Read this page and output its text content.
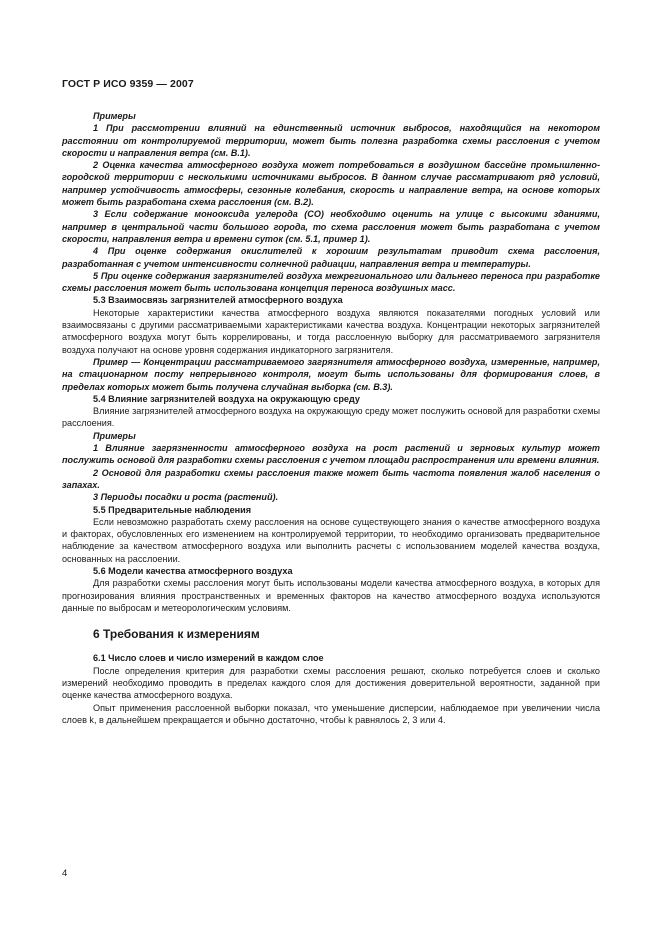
ГОСТ Р ИСО 9359 — 2007

Примеры

1 При рассмотрении влияний на единственный источник выбросов, находящийся на некотором расстоянии от контролируемой территории, может быть полезна разработка схемы расслоения с учетом скорости и направления ветра (см. В.1).

2 Оценка качества атмосферного воздуха может потребоваться в воздушном бассейне промышленно-городской территории с несколькими источниками выбросов. В данном случае рассматривают ряд условий, например устойчивость атмосферы, сезонные колебания, скорость и направление ветра, на основе которых может быть разработана схема расслоения (см. В.2).

3 Если содержание монооксида углерода (СО) необходимо оценить на улице с высокими зданиями, например в центральной части большого города, то схема расслоения может быть разработана с учетом скорости, направления ветра и времени суток (см. 5.1, пример 1).

4 При оценке содержания окислителей к хорошим результатам приводит схема расслоения, разработанная с учетом интенсивности солнечной радиации, направления ветра и температуры.

5 При оценке содержания загрязнителей воздуха межрегионального или дальнего переноса при разработке схемы расслоения может быть использована концепция переноса воздушных масс.

5.3 Взаимосвязь загрязнителей атмосферного воздуха

Некоторые характеристики качества атмосферного воздуха являются показателями погодных условий или взаимосвязаны с другими рассматриваемыми характеристиками качества воздуха. Концентрации некоторых загрязнителей атмосферного воздуха могут быть коррелированы, и тогда расслоенную выборку для рассматриваемого загрязнителя воздуха получают на основе уровня содержания индикаторного загрязнителя.

Пример — Концентрации рассматриваемого загрязнителя атмосферного воздуха, измеренные, например, на стационарном посту непрерывного контроля, могут быть использованы для формирования слоев, в пределах которых может быть получена случайная выборка (см. В.3).

5.4 Влияние загрязнителей воздуха на окружающую среду

Влияние загрязнителей атмосферного воздуха на окружающую среду может послужить основой для разработки схемы расслоения.

Примеры

1 Влияние загрязненности атмосферного воздуха на рост растений и зерновых культур может послужить основой для разработки схемы расслоения с учетом площади распространения или времени влияния.

2 Основой для разработки схемы расслоения также может быть частота появления жалоб населения о запахах.

3 Периоды посадки и роста (растений).

5.5 Предварительные наблюдения

Если невозможно разработать схему расслоения на основе существующего знания о качестве атмосферного воздуха и факторах, обусловленных его изменением на контролируемой территории, то необходимо организовать предварительное наблюдение за качеством атмосферного воздуха или выполнить расчеты с использованием моделей качества воздуха, основанных на расслоении.

5.6 Модели качества атмосферного воздуха

Для разработки схемы расслоения могут быть использованы модели качества атмосферного воздуха, в которых для прогнозирования влияния пространственных и временных факторов на качество атмосферного воздуха используются данные по выбросам и метеорологическим условиям.

6 Требования к измерениям

6.1 Число слоев и число измерений в каждом слое

После определения критерия для разработки схемы расслоения решают, сколько потребуется слоев и сколько измерений необходимо проводить в пределах каждого слоя для достижения доверительной вероятности, заданной при оценке качества атмосферного воздуха.

Опыт применения расслоенной выборки показал, что уменьшение дисперсии, наблюдаемое при увеличении числа слоев k, в дальнейшем прекращается и обычно достаточно, чтобы k равнялось 2, 3 или 4.

4
